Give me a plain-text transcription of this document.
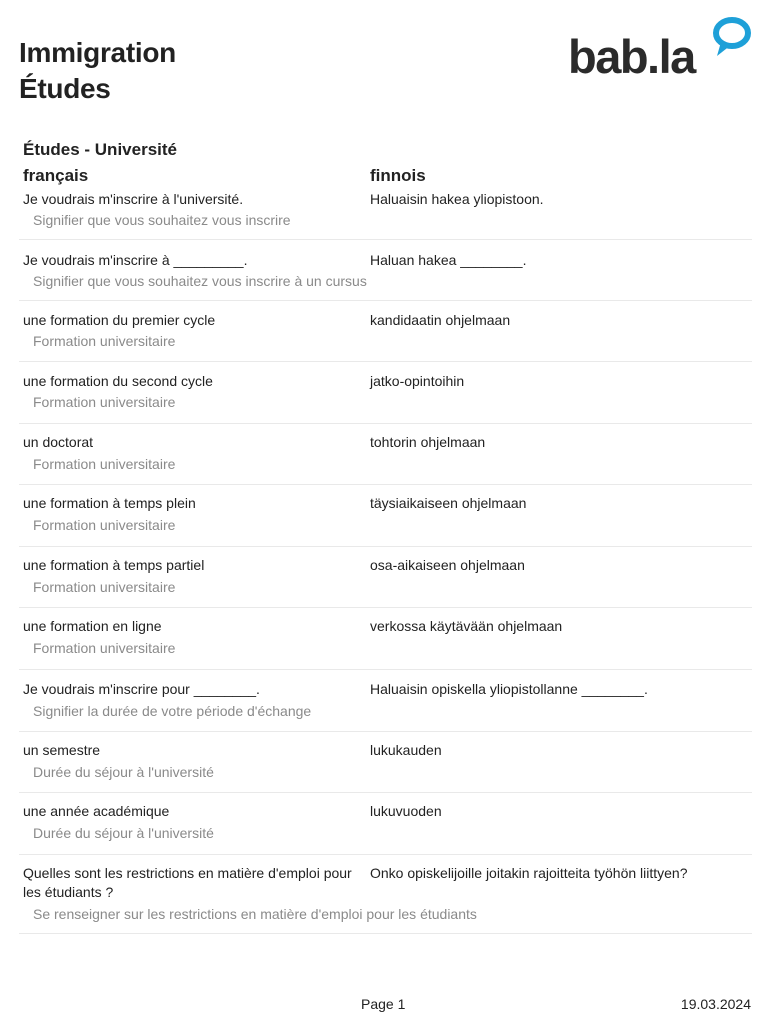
Immigration
Études
bab.la
Études - Université
français	finnois
Je voudrais m'inscrire à l'université.	Haluaisin hakea yliopistoon.
Signifier que vous souhaitez vous inscrire
Je voudrais m'inscrire à _________.	Haluan hakea ________.
Signifier que vous souhaitez vous inscrire à un cursus
une formation du premier cycle	kandidaatin ohjelmaan
Formation universitaire
une formation du second cycle	jatko-opintoihin
Formation universitaire
un doctorat	tohtorin ohjelmaan
Formation universitaire
une formation à temps plein	täysiaikaiseen ohjelmaan
Formation universitaire
une formation à temps partiel	osa-aikaiseen ohjelmaan
Formation universitaire
une formation en ligne	verkossa käytävään ohjelmaan
Formation universitaire
Je voudrais m'inscrire pour ________.	Haluaisin opiskella yliopistollanne ________.
Signifier la durée de votre période d'échange
un semestre	lukukauden
Durée du séjour à l'université
une année académique	lukuvuoden
Durée du séjour à l'université
Quelles sont les restrictions en matière d'emploi pour les étudiants ?
Onko opiskelijoille joitakin rajoitteita työhön liittyen?
Se renseigner sur les restrictions en matière d'emploi pour les étudiants
Page 1	19.03.2024
